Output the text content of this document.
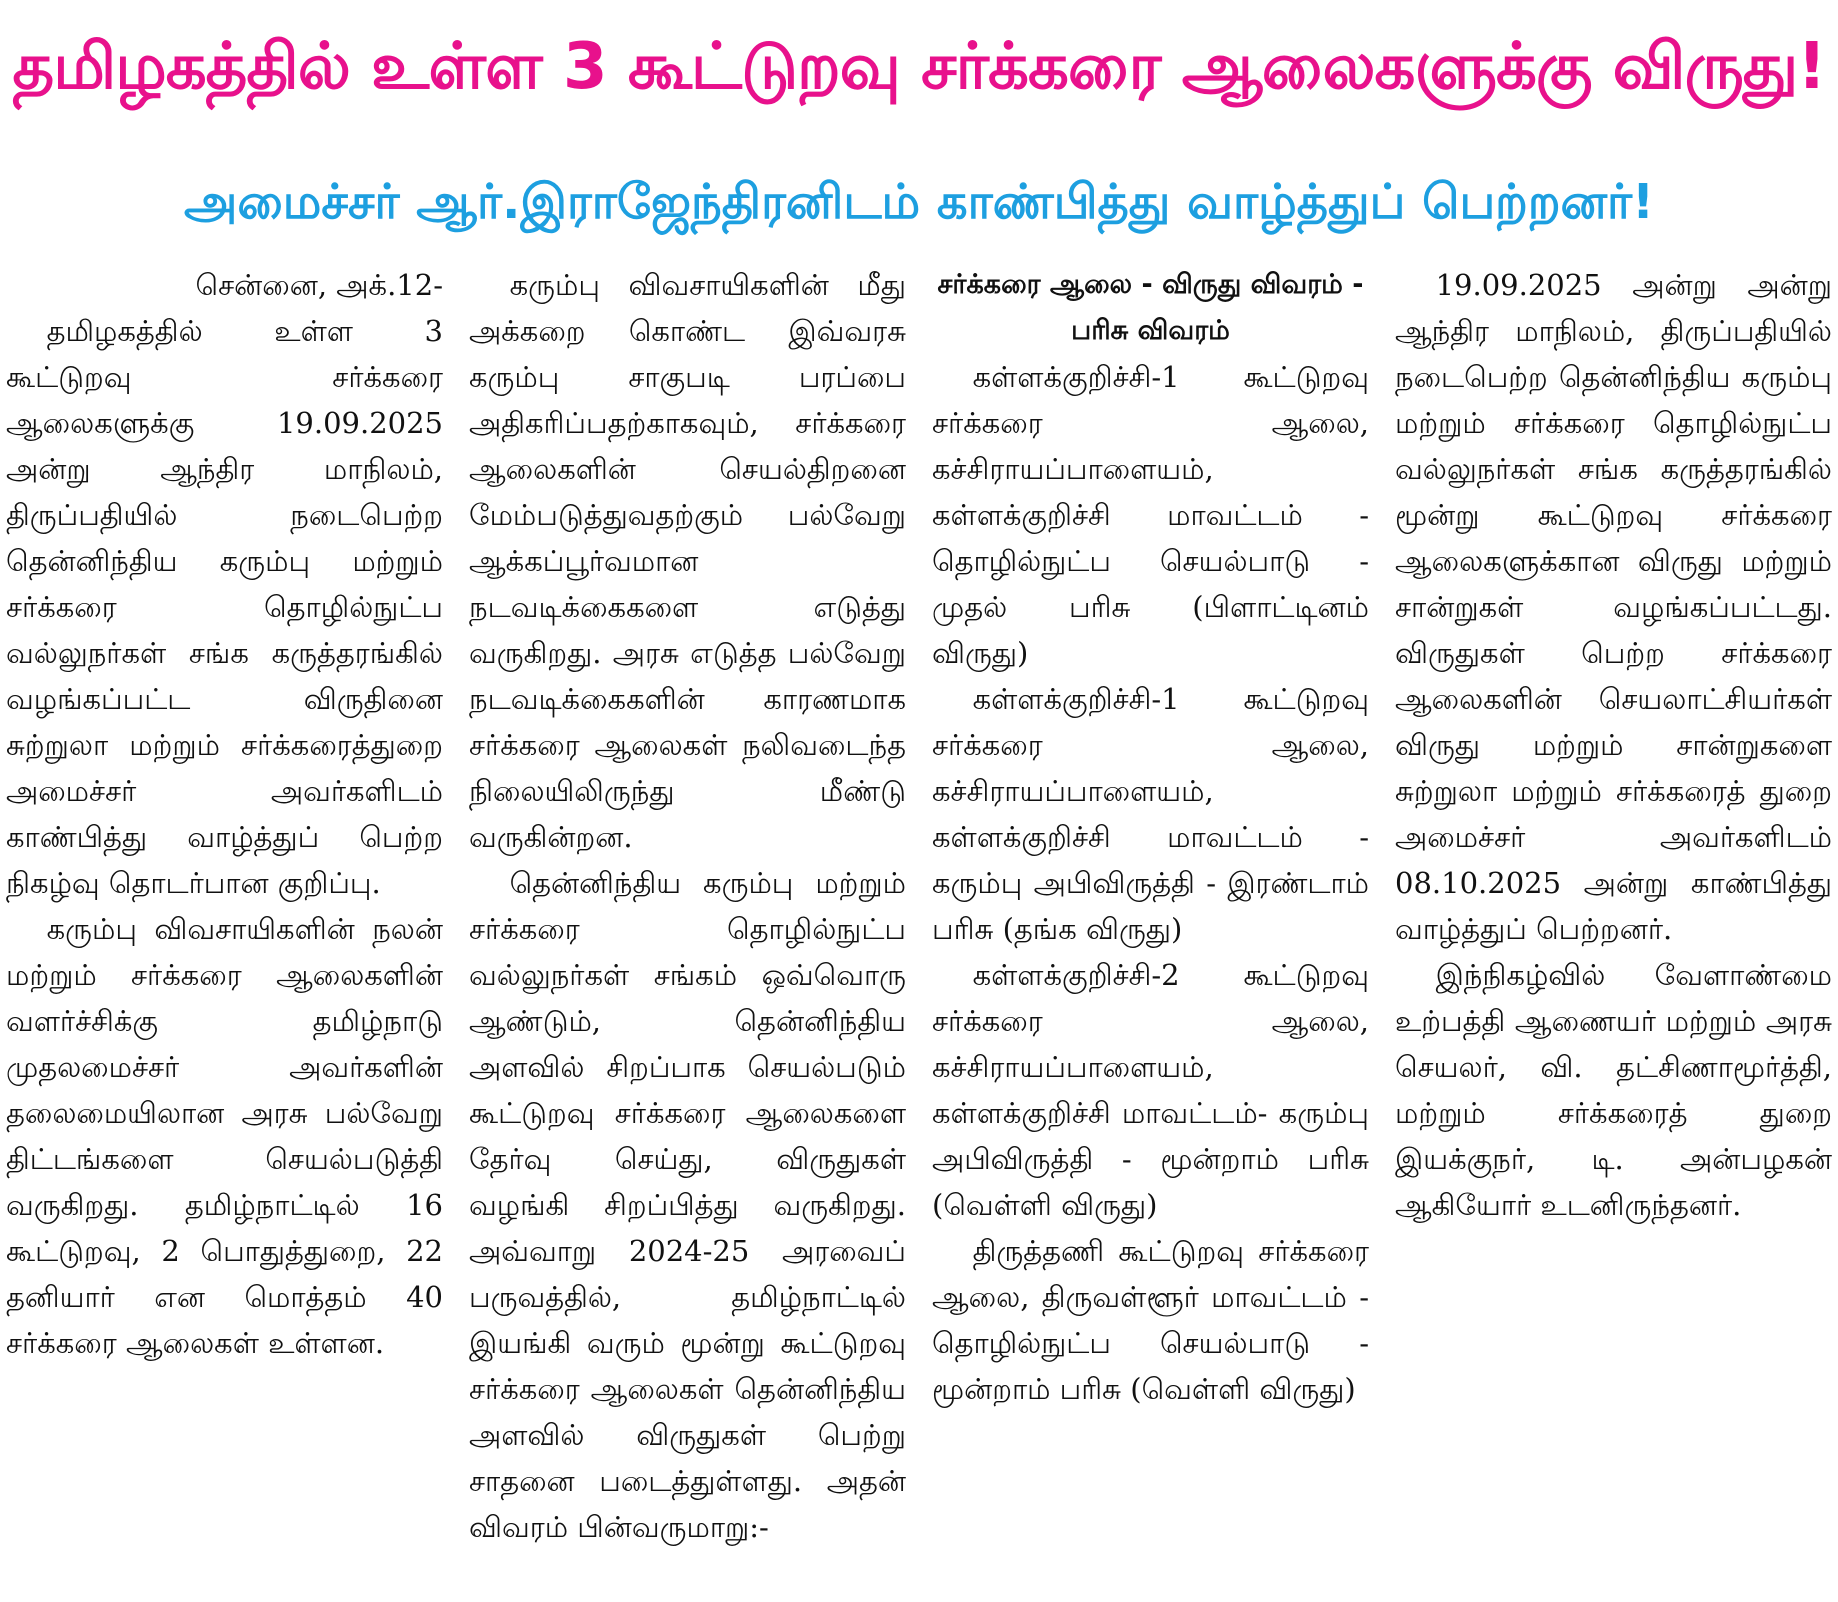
தமிழகத்தில் உள்ள 3 கூட்டுறவு சர்க்கரை ஆலைகளுக்கு விருது!
அமைச்சர் ஆர்.இராஜேந்திரனிடம் காண்பித்து வாழ்த்துப் பெற்றனர்!

சென்னை, அக்.12-

தமிழகத்தில் உள்ள 3 கூட்டுறவு சர்க்கரை ஆலைகளுக்கு 19.09.2025 அன்று ஆந்திர மாநிலம், திருப்பதியில் நடைபெற்ற தென்னிந்திய கரும்பு மற்றும் சர்க்கரை தொழில்நுட்ப வல்லுநர்கள் சங்க கருத்தரங்கில் வழங்கப்பட்ட விருதினை சுற்றுலா மற்றும் சர்க்கரைத்துறை அமைச்சர் அவர்களிடம் காண்பித்து வாழ்த்துப் பெற்ற நிகழ்வு தொடர்பான குறிப்பு.

கரும்பு விவசாயிகளின் நலன் மற்றும் சர்க்கரை ஆலைகளின் வளர்ச்சிக்கு தமிழ்நாடு முதலமைச்சர் அவர்களின் தலைமையிலான அரசு பல்வேறு திட்டங்களை செயல்படுத்தி வருகிறது. தமிழ்நாட்டில் 16 கூட்டுறவு, 2 பொதுத்துறை, 22 தனியார் என மொத்தம் 40 சர்க்கரை ஆலைகள் உள்ளன.

கரும்பு விவசாயிகளின் மீது அக்கறை கொண்ட இவ்வரசு கரும்பு சாகுபடி பரப்பை அதிகரிப்பதற்காகவும், சர்க்கரை ஆலைகளின் செயல்திறனை மேம்படுத்துவதற்கும் பல்வேறு ஆக்கப்பூர்வமான நடவடிக்கைகளை எடுத்து வருகிறது. அரசு எடுத்த பல்வேறு நடவடிக்கைகளின் காரணமாக சர்க்கரை ஆலைகள் நலிவடைந்த நிலையிலிருந்து மீண்டு வருகின்றன.

தென்னிந்திய கரும்பு மற்றும் சர்க்கரை தொழில்நுட்ப வல்லுநர்கள் சங்கம் ஒவ்வொரு ஆண்டும், தென்னிந்திய அளவில் சிறப்பாக செயல்படும் கூட்டுறவு சர்க்கரை ஆலைகளை தேர்வு செய்து, விருதுகள் வழங்கி சிறப்பித்து வருகிறது. அவ்வாறு 2024-25 அரவைப் பருவத்தில், தமிழ்நாட்டில் இயங்கி வரும் மூன்று கூட்டுறவு சர்க்கரை ஆலைகள் தென்னிந்திய அளவில் விருதுகள் பெற்று சாதனை படைத்துள்ளது. அதன் விவரம் பின்வருமாறு:-

சர்க்கரை ஆலை - விருது விவரம் - பரிசு விவரம்

கள்ளக்குறிச்சி-1 கூட்டுறவு சர்க்கரை ஆலை, கச்சிராயப்பாளையம், கள்ளக்குறிச்சி மாவட்டம் - தொழில்நுட்ப செயல்பாடு - முதல் பரிசு (பிளாட்டினம் விருது)

கள்ளக்குறிச்சி-1 கூட்டுறவு சர்க்கரை ஆலை, கச்சிராயப்பாளையம், கள்ளக்குறிச்சி மாவட்டம் - கரும்பு அபிவிருத்தி - இரண்டாம் பரிசு (தங்க விருது)

கள்ளக்குறிச்சி-2 கூட்டுறவு சர்க்கரை ஆலை, கச்சிராயப்பாளையம், கள்ளக்குறிச்சி மாவட்டம்- கரும்பு அபிவிருத்தி - மூன்றாம் பரிசு (வெள்ளி விருது)

திருத்தணி கூட்டுறவு சர்க்கரை ஆலை, திருவள்ளூர் மாவட்டம் - தொழில்நுட்ப செயல்பாடு - மூன்றாம் பரிசு (வெள்ளி விருது)

19.09.2025 அன்று அன்று ஆந்திர மாநிலம், திருப்பதியில் நடைபெற்ற தென்னிந்திய கரும்பு மற்றும் சர்க்கரை தொழில்நுட்ப வல்லுநர்கள் சங்க கருத்தரங்கில் மூன்று கூட்டுறவு சர்க்கரை ஆலைகளுக்கான விருது மற்றும் சான்றுகள் வழங்கப்பட்டது. விருதுகள் பெற்ற சர்க்கரை ஆலைகளின் செயலாட்சியர்கள் விருது மற்றும் சான்றுகளை சுற்றுலா மற்றும் சர்க்கரைத் துறை அமைச்சர் அவர்களிடம் 08.10.2025 அன்று காண்பித்து வாழ்த்துப் பெற்றனர்.

இந்நிகழ்வில் வேளாண்மை உற்பத்தி ஆணையர் மற்றும் அரசு செயலர், வி. தட்சிணாமூர்த்தி, மற்றும் சர்க்கரைத் துறை இயக்குநர், டி. அன்பழகன் ஆகியோர் உடனிருந்தனர்.
